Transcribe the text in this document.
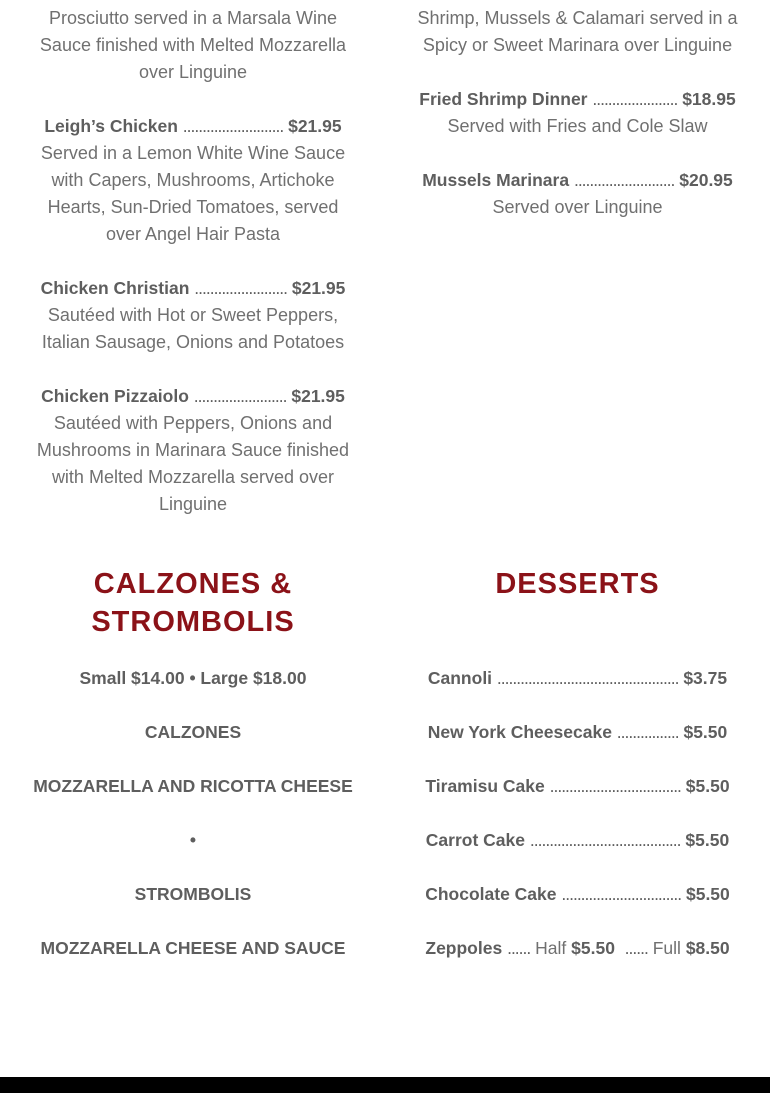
Prosciutto served in a Marsala Wine
Sauce finished with Melted Mozzarella
over Linguine
Leigh’s Chicken .......................... $21.95
Served in a Lemon White Wine Sauce
with Capers, Mushrooms, Artichoke
Hearts, Sun-Dried Tomatoes, served
over Angel Hair Pasta
Chicken Christian ........................ $21.95
Sautéed with Hot or Sweet Peppers,
Italian Sausage, Onions and Potatoes
Chicken Pizzaiolo ........................ $21.95
Sautéed with Peppers, Onions and
Mushrooms in Marinara Sauce finished
with Melted Mozzarella served over
Linguine
Shrimp, Mussels & Calamari served in a
Spicy or Sweet Marinara over Linguine
Fried Shrimp Dinner ...................... $18.95
Served with Fries and Cole Slaw
Mussels Marinara .......................... $20.95
Served over Linguine
CALZONES &
STROMBOLIS
Small $14.00 • Large $18.00
CALZONES
MOZZARELLA AND RICOTTA CHEESE
•
STROMBOLIS
MOZZARELLA CHEESE AND SAUCE
DESSERTS
Cannoli ............................................... $3.75
New York Cheesecake ................ $5.50
Tiramisu Cake .................................. $5.50
Carrot Cake ....................................... $5.50
Chocolate Cake ............................... $5.50
Zeppoles ...... Half $5.50 ...... Full $8.50
